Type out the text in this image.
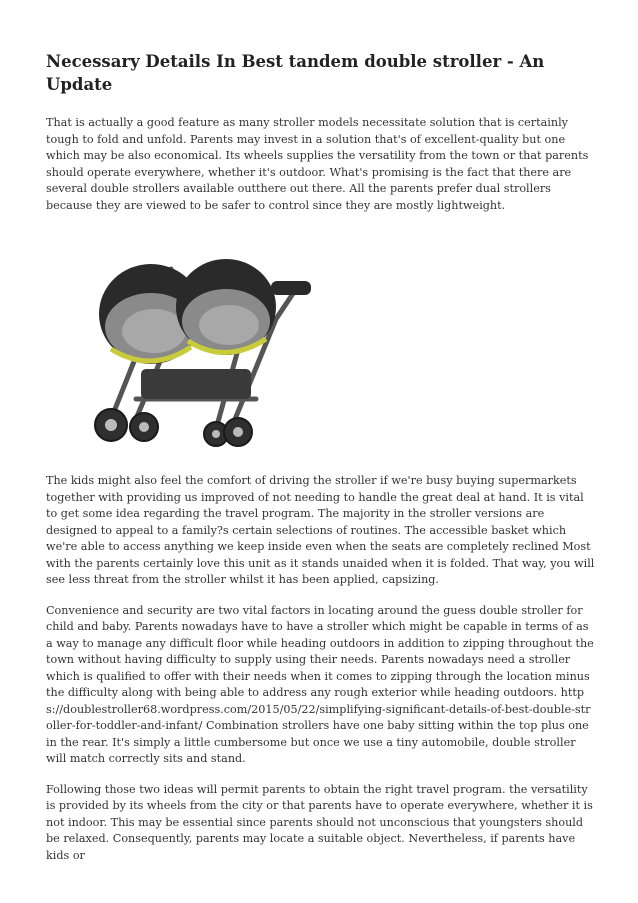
Necessary Details In Best tandem double stroller - An Update

That is actually a good feature as many stroller models necessitate solution that is certainly tough to fold and unfold. Parents may invest in a solution that's of excellent-quality but one which may be also economical. Its wheels supplies the versatility from the town or that parents should operate everywhere, whether it's outdoor. What's promising is the fact that there are several double strollers available outthere out there. All the parents prefer dual strollers because they are viewed to be safer to control since they are mostly lightweight.

The kids might also feel the comfort of driving the stroller if we're busy buying supermarkets together with providing us improved of not needing to handle the great deal at hand. It is vital to get some idea regarding the travel program. The majority in the stroller versions are designed to appeal to a family?s certain selections of routines. The accessible basket which we're able to access anything we keep inside even when the seats are completely reclined Most with the parents certainly love this unit as it stands unaided when it is folded. That way, you will see less threat from the stroller whilst it has been applied, capsizing.

Convenience and security are two vital factors in locating around the guess double stroller for child and baby. Parents nowadays have to have a stroller which might be capable in terms of as a way to manage any difficult floor while heading outdoors in addition to zipping throughout the town without having difficulty to supply using their needs. Parents nowadays need a stroller which is qualified to offer with their needs when it comes to zipping through the location minus the difficulty along with being able to address any rough exterior while heading outdoors. https://doublestroller68.wordpress.com/2015/05/22/simplifying-significant-details-of-best-double-stroller-for-toddler-and-infant/ Combination strollers have one baby sitting within the top plus one in the rear. It's simply a little cumbersome but once we use a tiny automobile, double stroller will match correctly sits and stand.

Following those two ideas will permit parents to obtain the right travel program. the versatility is provided by its wheels from the city or that parents have to operate everywhere, whether it is not indoor. This may be essential since parents should not unconscious that youngsters should be relaxed. Consequently, parents may locate a suitable object. Nevertheless, if parents have kids or
